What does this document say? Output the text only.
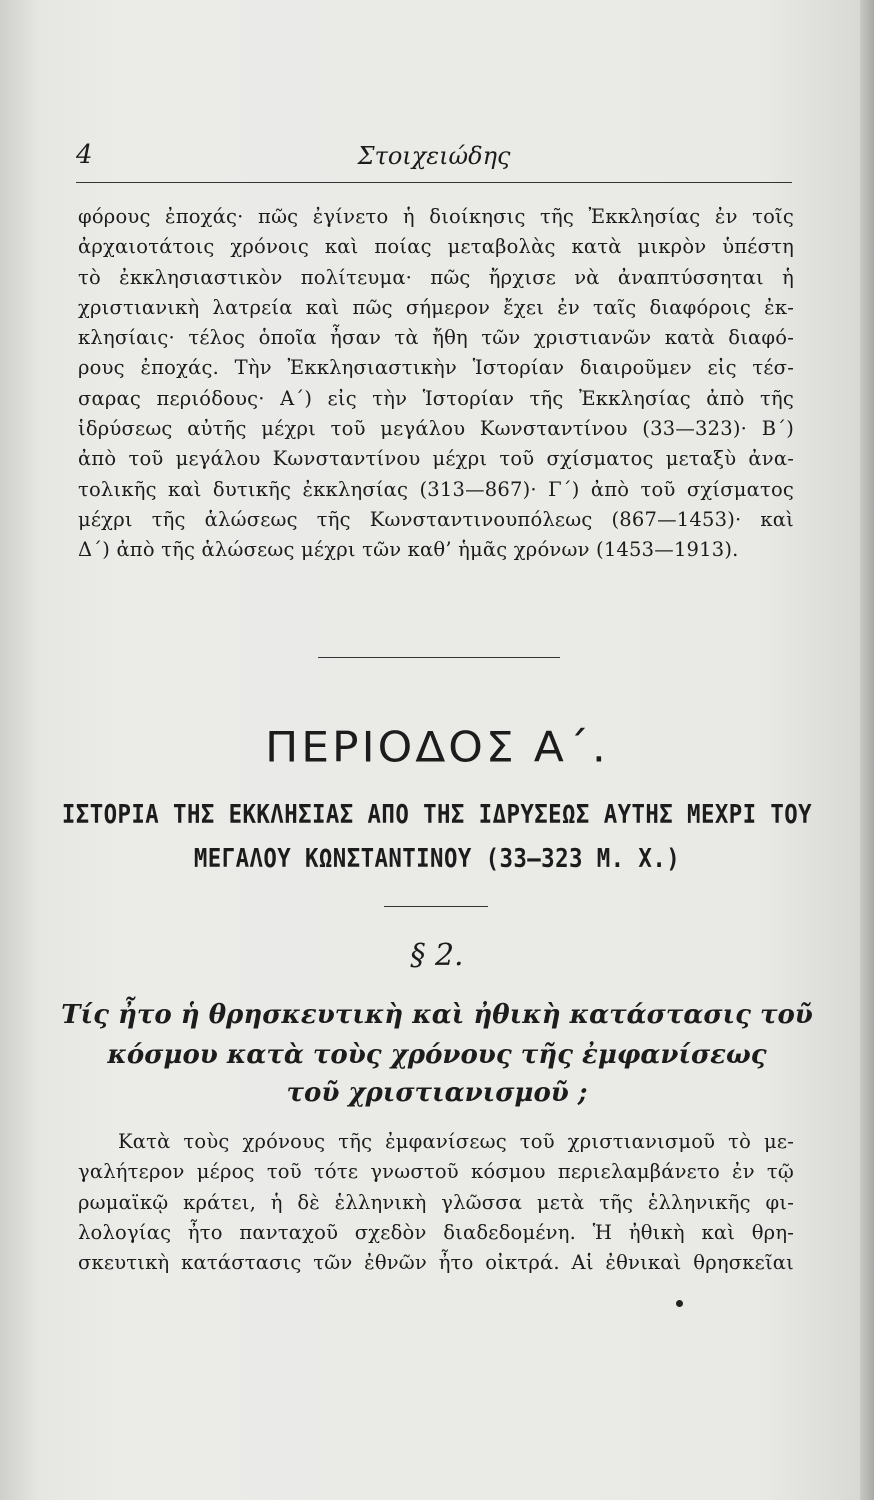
4	Στοιχειώδης
φόρους ἐποχάς· πῶς ἐγίνετο ἡ διοίκησις τῆς Ἐκκλησίας ἐν τοῖς
ἀρχαιοτάτοις χρόνοις καὶ ποίας μεταβολὰς κατὰ μικρὸν ὑπέστη
τὸ ἐκκλησιαστικὸν πολίτευμα· πῶς ἤρχισε νὰ ἀναπτύσσηται ἡ
χριστιανικὴ λατρεία καὶ πῶς σήμερον ἔχει ἐν ταῖς διαφόροις ἐκ-
κλησίαις· τέλος ὁποῖα ἦσαν τὰ ἤθη τῶν χριστιανῶν κατὰ διαφό-
ρους ἐποχάς. Τὴν Ἐκκλησιαστικὴν Ἱστορίαν διαιροῦμεν εἰς τέσ-
σαρας περιόδους· Α΄) εἰς τὴν Ἱστορίαν τῆς Ἐκκλησίας ἀπὸ τῆς
ἱδρύσεως αὐτῆς μέχρι τοῦ μεγάλου Κωνσταντίνου (33—323)· Β΄)
ἀπὸ τοῦ μεγάλου Κωνσταντίνου μέχρι τοῦ σχίσματος μεταξὺ ἀνα-
τολικῆς καὶ δυτικῆς ἐκκλησίας (313—867)· Γ΄) ἀπὸ τοῦ σχίσματος
μέχρι τῆς ἁλώσεως τῆς Κωνσταντινουπόλεως (867—1453)· καὶ
Δ΄) ἀπὸ τῆς ἁλώσεως μέχρι τῶν καθ’ ἡμᾶς χρόνων (1453—1913).
ΠΕΡΙΟΔΟΣ Α΄.
ΙΣΤΟΡΙΑ ΤΗΣ ΕΚΚΛΗΣΙΑΣ ΑΠΟ ΤΗΣ ΙΔΡΥΣΕΩΣ ΑΥΤΗΣ ΜΕΧΡΙ ΤΟΥ
ΜΕΓΑΛΟΥ ΚΩΝΣΤΑΝΤΙΝΟΥ (33—323 Μ. Χ.)
§ 2.
Τίς ἦτο ἡ θρησκευτικὴ καὶ ἠθικὴ κατάστασις τοῦ
κόσμου κατὰ τοὺς χρόνους τῆς ἐμφανίσεως
τοῦ χριστιανισμοῦ ;
Κατὰ τοὺς χρόνους τῆς ἐμφανίσεως τοῦ χριστιανισμοῦ τὸ με-
γαλήτερον μέρος τοῦ τότε γνωστοῦ κόσμου περιελαμβάνετο ἐν τῷ
ρωμαϊκῷ κράτει, ἡ δὲ ἑλληνικὴ γλῶσσα μετὰ τῆς ἑλληνικῆς φι-
λολογίας ἦτο πανταχοῦ σχεδὸν διαδεδομένη. Ἡ ἠθικὴ καὶ θρη-
σκευτικὴ κατάστασις τῶν ἐθνῶν ἦτο οἰκτρά. Αἱ ἐθνικαὶ θρησκεῖαι
